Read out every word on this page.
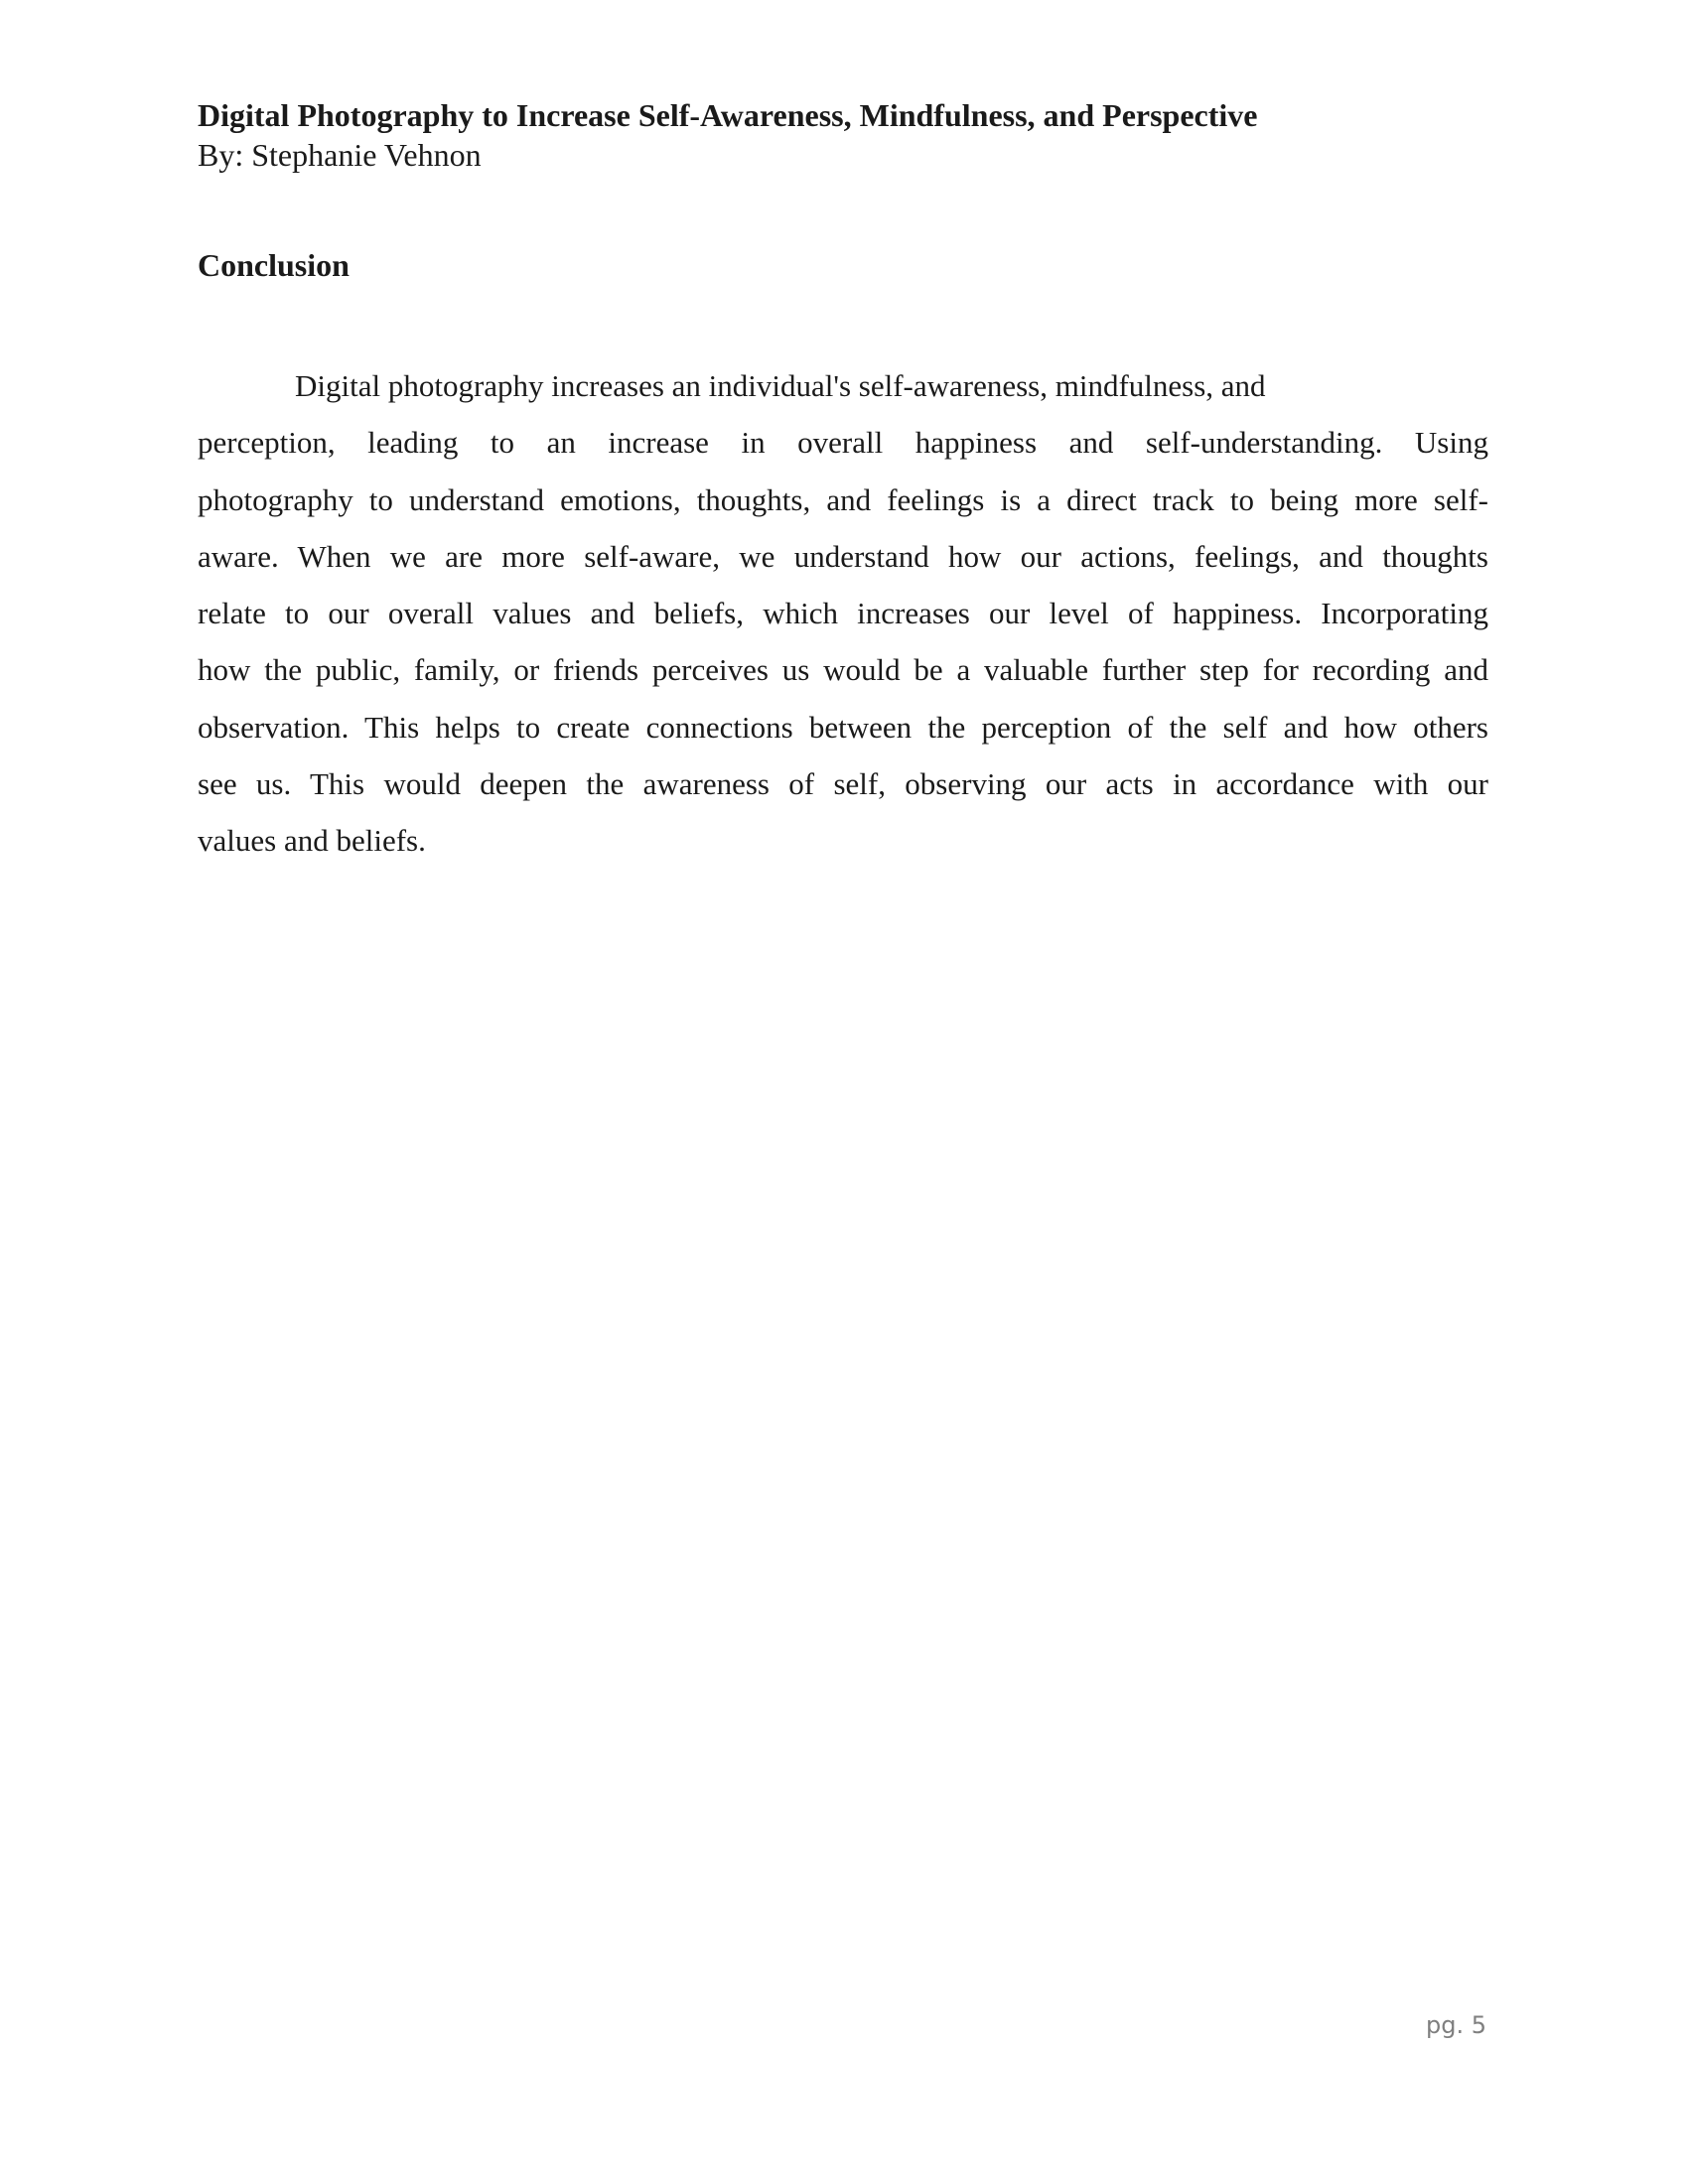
Digital Photography to Increase Self-Awareness, Mindfulness, and Perspective
By: Stephanie Vehnon
Conclusion
Digital photography increases an individual's self-awareness, mindfulness, and
perception, leading to an increase in overall happiness and self-understanding. Using
photography to understand emotions, thoughts, and feelings is a direct track to being more self-
aware. When we are more self-aware, we understand how our actions, feelings, and thoughts
relate to our overall values and beliefs, which increases our level of happiness. Incorporating
how the public, family, or friends perceives us would be a valuable further step for recording and
observation. This helps to create connections between the perception of the self and how others
see us. This would deepen the awareness of self, observing our acts in accordance with our
values and beliefs.
pg. 5
